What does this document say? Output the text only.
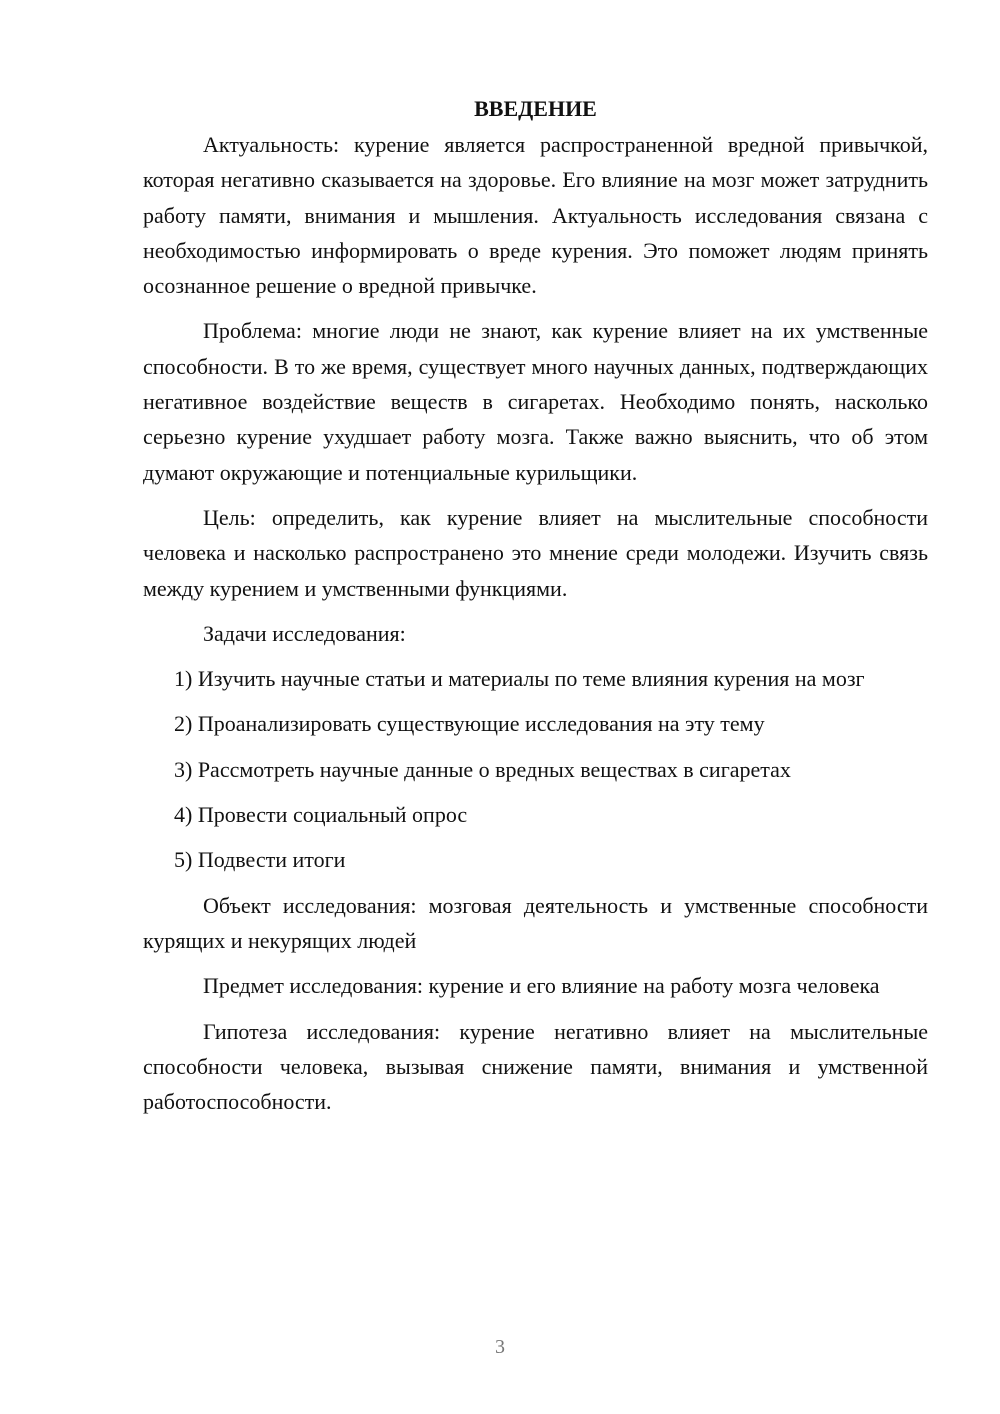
ВВЕДЕНИЕ

Актуальность: курение является распространенной вредной привычкой, которая негативно сказывается на здоровье. Его влияние на мозг может затруднить работу памяти, внимания и мышления. Актуальность исследования связана с необходимостью информировать о вреде курения. Это поможет людям принять осознанное решение о вредной привычке.

Проблема: многие люди не знают, как курение влияет на их умственные способности. В то же время, существует много научных данных, подтверждающих негативное воздействие веществ в сигаретах. Необходимо понять, насколько серьезно курение ухудшает работу мозга. Также важно выяснить, что об этом думают окружающие и потенциальные курильщики.

Цель: определить, как курение влияет на мыслительные способности человека и насколько распространено это мнение среди молодежи. Изучить связь между курением и умственными функциями.

Задачи исследования:

1) Изучить научные статьи и материалы по теме влияния курения на мозг

2) Проанализировать существующие исследования на эту тему

3) Рассмотреть научные данные о вредных веществах в сигаретах

4) Провести социальный опрос

5) Подвести итоги

Объект исследования: мозговая деятельность и умственные способности курящих и некурящих людей

Предмет исследования: курение и его влияние на работу мозга человека

Гипотеза исследования: курение негативно влияет на мыслительные способности человека, вызывая снижение памяти, внимания и умственной работоспособности.

3
